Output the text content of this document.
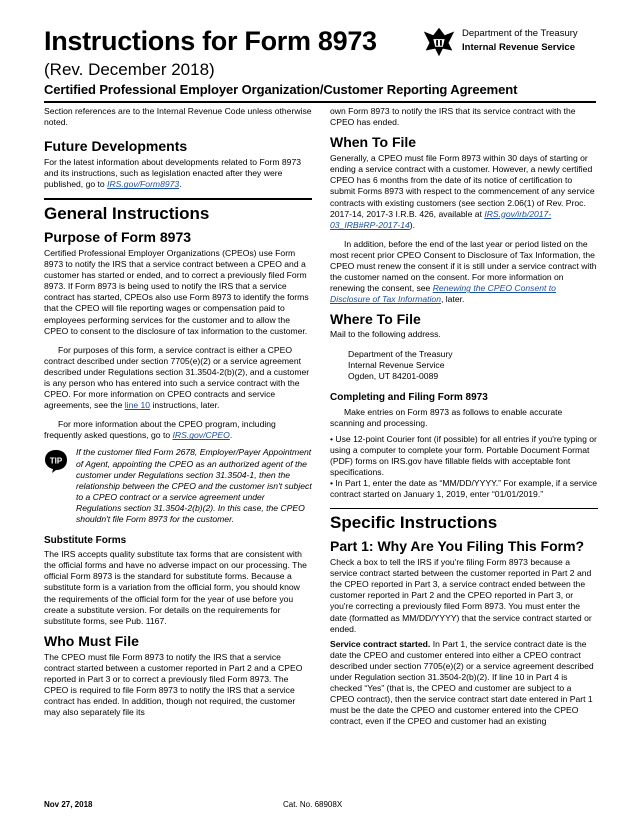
Instructions for Form 8973
(Rev. December 2018)
Certified Professional Employer Organization/Customer Reporting Agreement
Department of the Treasury
Internal Revenue Service

Section references are to the Internal Revenue Code unless otherwise noted.

Future Developments

For the latest information about developments related to Form 8973 and its instructions, such as legislation enacted after they were published, go to IRS.gov/Form8973.

General Instructions
Purpose of Form 8973

Certified Professional Employer Organizations (CPEOs) use Form 8973 to notify the IRS that a service contract between a CPEO and a customer has started or ended, and to correct a previously filed Form 8973. If Form 8973 is being used to notify the IRS that a service contract has started, CPEOs also use Form 8973 to identify the forms that the CPEO will file reporting wages or compensation paid to employees performing services for the customer and to allow the CPEO to consent to the disclosure of tax information to the customer.

For purposes of this form, a service contract is either a CPEO contract described under section 7705(e)(2) or a service agreement described under Regulations section 31.3504-2(b)(2), and a customer is any person who has entered into such a service contract with the CPEO. For more information on CPEO contracts and service agreements, see the line 10 instructions, later.

For more information about the CPEO program, including frequently asked questions, go to IRS.gov/CPEO.

TIP

If the customer filed Form 2678, Employer/Payer Appointment of Agent, appointing the CPEO as an authorized agent of the customer under Regulations section 31.3504-1, then the relationship between the CPEO and the customer isn't subject to a CPEO contract or a service agreement under Regulations section 31.3504-2(b)(2). In this case, the CPEO shouldn't file Form 8973 for the customer.

Substitute Forms

The IRS accepts quality substitute tax forms that are consistent with the official forms and have no adverse impact on our processing. The official Form 8973 is the standard for substitute forms. Because a substitute form is a variation from the official form, you should know the requirements of the official form for the year of use before you create a substitute version. For details on the requirements for substitute forms, see Pub. 1167.

Who Must File

The CPEO must file Form 8973 to notify the IRS that a service contract started between a customer reported in Part 2 and a CPEO reported in Part 3 or to correct a previously filed Form 8973. The CPEO is required to file Form 8973 to notify the IRS that a service contract has ended. In addition, though not required, the customer may also separately file its

own Form 8973 to notify the IRS that its service contract with the CPEO has ended.

When To File

Generally, a CPEO must file Form 8973 within 30 days of starting or ending a service contract with a customer. However, a newly certified CPEO has 6 months from the date of its notice of certification to submit Forms 8973 with respect to the commencement of any service contracts with existing customers (see section 2.06(1) of Rev. Proc. 2017-14, 2017-3 I.R.B. 426, available at IRS.gov/irb/2017-03_IRB#RP-2017-14).

In addition, before the end of the last year or period listed on the most recent prior CPEO Consent to Disclosure of Tax Information, the CPEO must renew the consent if it is still under a service contract with the customer named on the consent. For more information on renewing the consent, see Renewing the CPEO Consent to Disclosure of Tax Information, later.

Where To File

Mail to the following address.

Department of the Treasury
Internal Revenue Service
Ogden, UT 84201-0089
Completing and Filing Form 8973

Make entries on Form 8973 as follows to enable accurate scanning and processing.

• Use 12-point Courier font (if possible) for all entries if you're typing or using a computer to complete your form. Portable Document Format (PDF) forms on IRS.gov have fillable fields with acceptable font specifications.

• In Part 1, enter the date as “MM/DD/YYYY.” For example, if a service contract started on January 1, 2019, enter “01/01/2019.”

Specific Instructions
Part 1: Why Are You Filing This Form?

Check a box to tell the IRS if you're filing Form 8973 because a service contract started between the customer reported in Part 2 and the CPEO reported in Part 3, a service contract ended between the customer reported in Part 2 and the CPEO reported in Part 3, or you're correcting a previously filed Form 8973. You must enter the date (formatted as MM/DD/YYYY) that the service contract started or ended.

Service contract started. In Part 1, the service contract date is the date the CPEO and customer entered into either a CPEO contract described under section 7705(e)(2) or a service agreement described under Regulation section 31.3504-2(b)(2). If line 10 in Part 4 is checked “Yes” (that is, the CPEO and customer are subject to a CPEO contract), then the service contract start date entered in Part 1 must be the date the CPEO and customer entered into the CPEO contract, even if the CPEO and customer had an existing

Nov 27, 2018	Cat. No. 68908X
